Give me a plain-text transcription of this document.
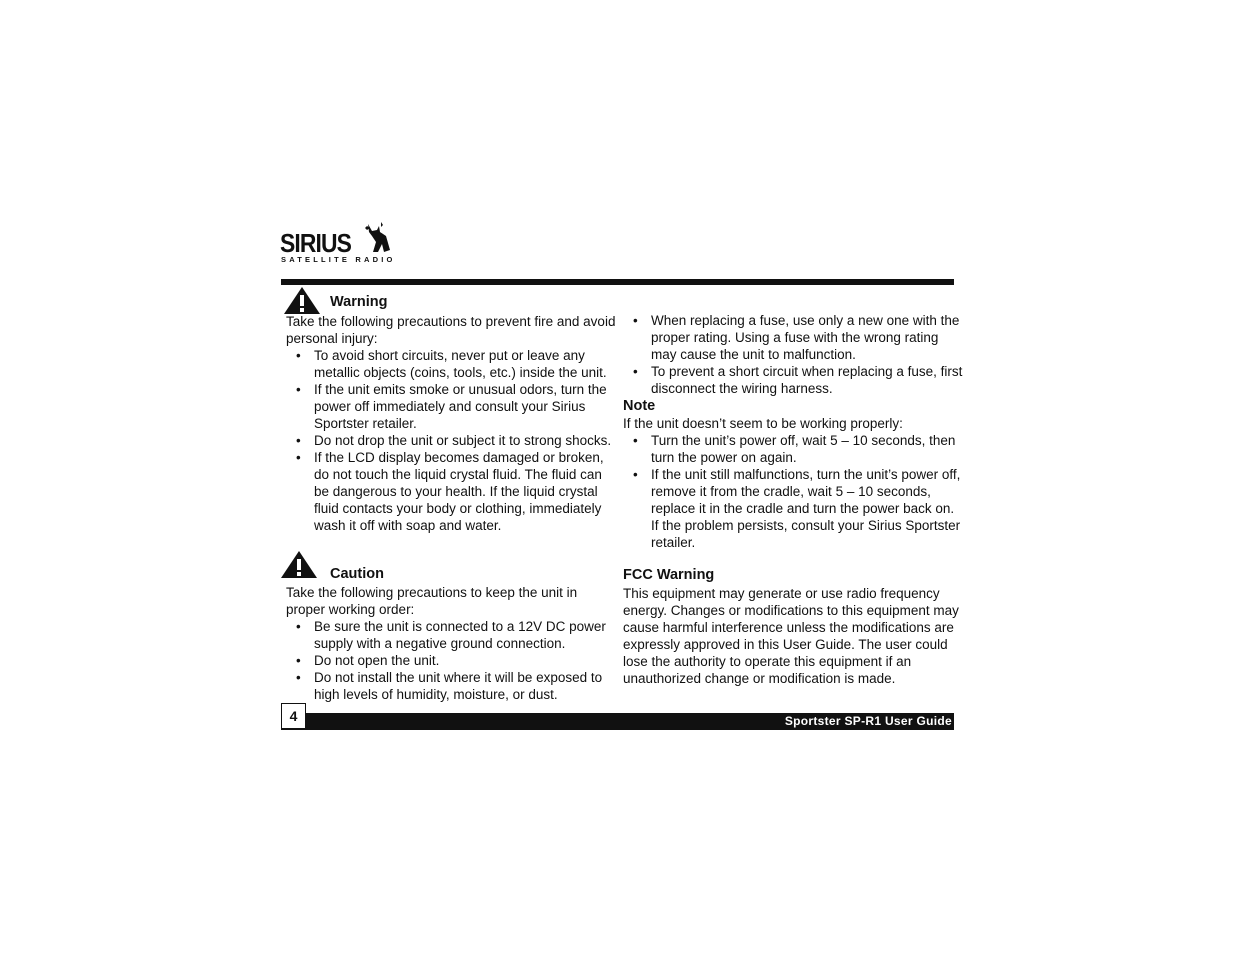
SIRIUS
SATELLITE RADIO
Warning
Take the following precautions to prevent fire and avoid personal injury:
• To avoid short circuits, never put or leave any metallic objects (coins, tools, etc.) inside the unit.
• If the unit emits smoke or unusual odors, turn the power off immediately and consult your Sirius Sportster retailer.
• Do not drop the unit or subject it to strong shocks.
• If the LCD display becomes damaged or broken, do not touch the liquid crystal fluid. The fluid can be dangerous to your health. If the liquid crystal fluid contacts your body or clothing, immediately wash it off with soap and water.
Caution
Take the following precautions to keep the unit in proper working order:
• Be sure the unit is connected to a 12V DC power supply with a negative ground connection.
• Do not open the unit.
• Do not install the unit where it will be exposed to high levels of humidity, moisture, or dust.
• When replacing a fuse, use only a new one with the proper rating. Using a fuse with the wrong rating may cause the unit to malfunction.
• To prevent a short circuit when replacing a fuse, first disconnect the wiring harness.
Note
If the unit doesn’t seem to be working properly:
• Turn the unit’s power off, wait 5 – 10 seconds, then turn the power on again.
• If the unit still malfunctions, turn the unit’s power off, remove it from the cradle, wait 5 – 10 seconds, replace it in the cradle and turn the power back on. If the problem persists, consult your Sirius Sportster retailer.
FCC Warning
This equipment may generate or use radio frequency energy. Changes or modifications to this equipment may cause harmful interference unless the modifications are expressly approved in this User Guide. The user could lose the authority to operate this equipment if an unauthorized change or modification is made.
Sportster SP-R1 User Guide
4
